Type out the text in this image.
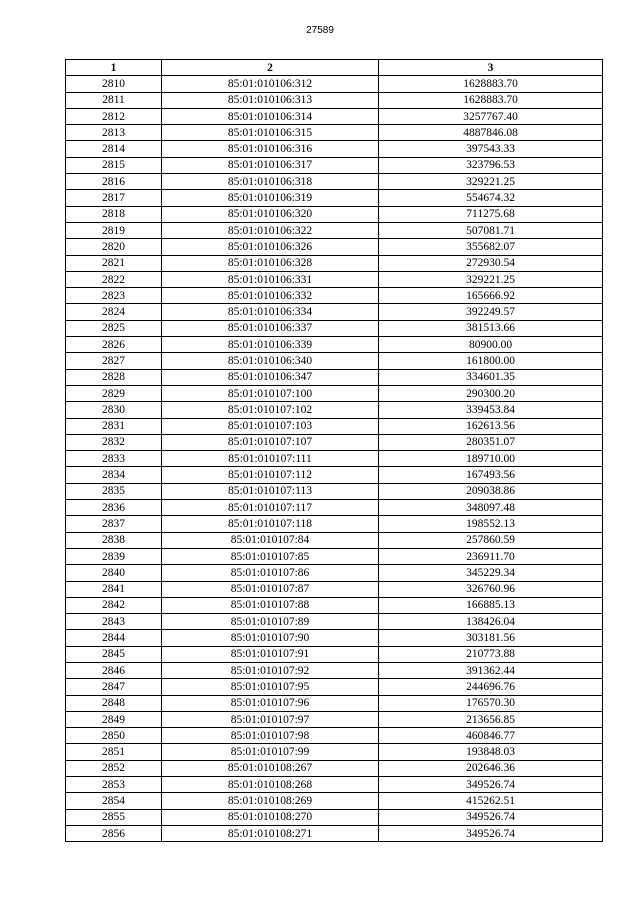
27589
1	2	3
2810	85:01:010106:312	1628883.70
2811	85:01:010106:313	1628883.70
2812	85:01:010106:314	3257767.40
2813	85:01:010106:315	4887846.08
2814	85:01:010106:316	397543.33
2815	85:01:010106:317	323796.53
2816	85:01:010106:318	329221.25
2817	85:01:010106:319	554674.32
2818	85:01:010106:320	711275.68
2819	85:01:010106:322	507081.71
2820	85:01:010106:326	355682.07
2821	85:01:010106:328	272930.54
2822	85:01:010106:331	329221.25
2823	85:01:010106:332	165666.92
2824	85:01:010106:334	392249.57
2825	85:01:010106:337	381513.66
2826	85:01:010106:339	80900.00
2827	85:01:010106:340	161800.00
2828	85:01:010106:347	334601.35
2829	85:01:010107:100	290300.20
2830	85:01:010107:102	339453.84
2831	85:01:010107:103	162613.56
2832	85:01:010107:107	280351.07
2833	85:01:010107:111	189710.00
2834	85:01:010107:112	167493.56
2835	85:01:010107:113	209038.86
2836	85:01:010107:117	348097.48
2837	85:01:010107:118	198552.13
2838	85:01:010107:84	257860.59
2839	85:01:010107:85	236911.70
2840	85:01:010107:86	345229.34
2841	85:01:010107:87	326760.96
2842	85:01:010107:88	166885.13
2843	85:01:010107:89	138426.04
2844	85:01:010107:90	303181.56
2845	85:01:010107:91	210773.88
2846	85:01:010107:92	391362.44
2847	85:01:010107:95	244696.76
2848	85:01:010107:96	176570.30
2849	85:01:010107:97	213656.85
2850	85:01:010107:98	460846.77
2851	85:01:010107:99	193848.03
2852	85:01:010108:267	202646.36
2853	85:01:010108:268	349526.74
2854	85:01:010108:269	415262.51
2855	85:01:010108:270	349526.74
2856	85:01:010108:271	349526.74
